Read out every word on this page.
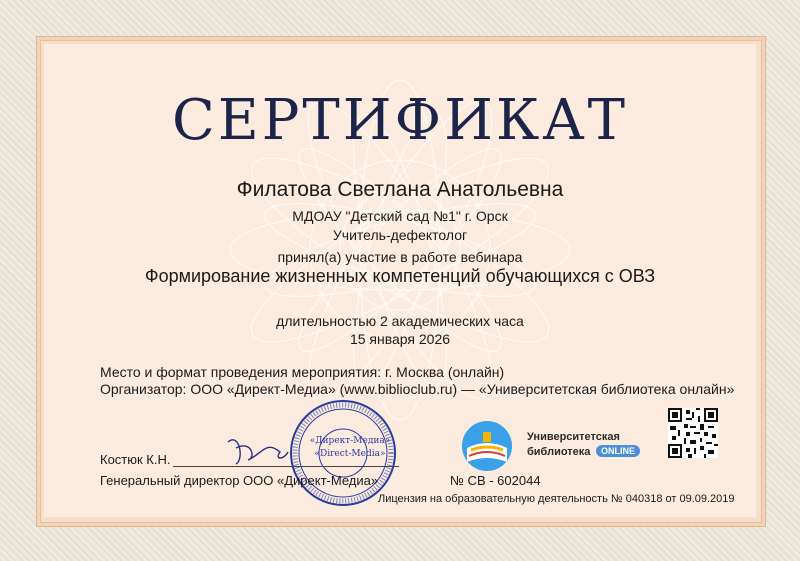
СЕРТИФИКАТ
Филатова Светлана Анатольевна
МДОАУ "Детский сад №1" г. Орск
Учитель-дефектолог
принял(а) участие в работе вебинара
Формирование жизненных компетенций обучающихся с ОВЗ
длительностью 2 академических часа
15 января 2026
Место и формат проведения мероприятия: г. Москва (онлайн)
Организатор: ООО «Директ-Медиа» (www.biblioclub.ru) — «Университетская библиотека онлайн»
Костюк К.Н.
«Директ-Медиа»
«Direct-Media»
Генеральный директор ООО «Директ-Медиа»	№ СВ - 602044
Лицензия на образовательную деятельность № 040318 от 09.09.2019
Университетская
библиотека	ONLINE
